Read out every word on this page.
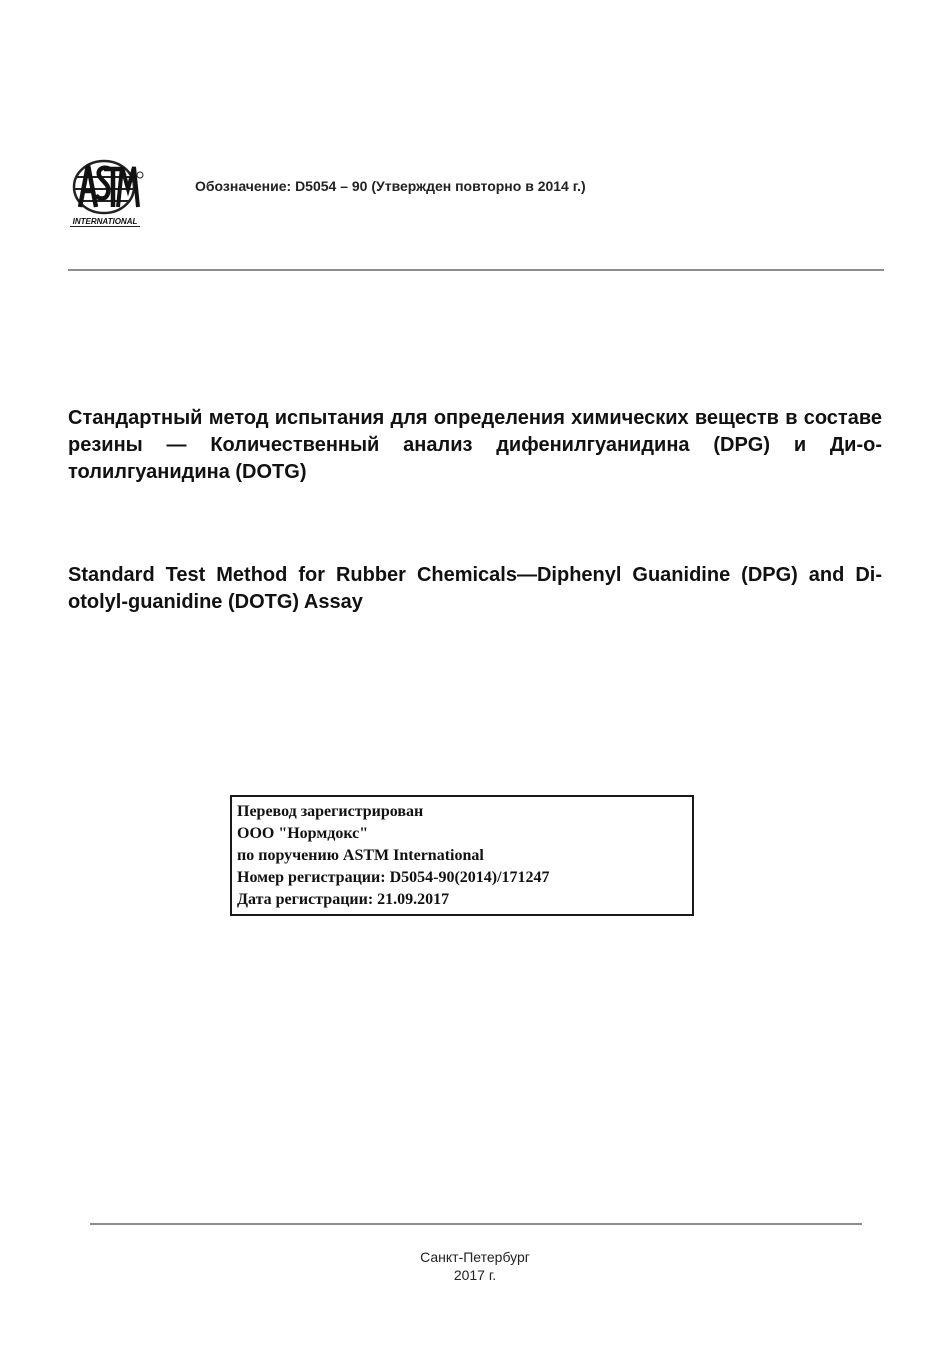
INTERNATIONAL
Обозначение: D5054 – 90 (Утвержден повторно в 2014 г.)
Стандартный метод испытания для определения химических веществ в составе резины — Количественный анализ дифенилгуанидина (DPG) и Ди-о-толилгуанидина (DOTG)
Standard Test Method for Rubber Chemicals—Diphenyl Guanidine (DPG) and Di-otolyl-guanidine (DOTG) Assay
Перевод зарегистрирован
ООО "Нормдокс"
по поручению ASTM International
Номер регистрации: D5054-90(2014)/171247
Дата регистрации: 21.09.2017
Санкт-Петербург
2017 г.
